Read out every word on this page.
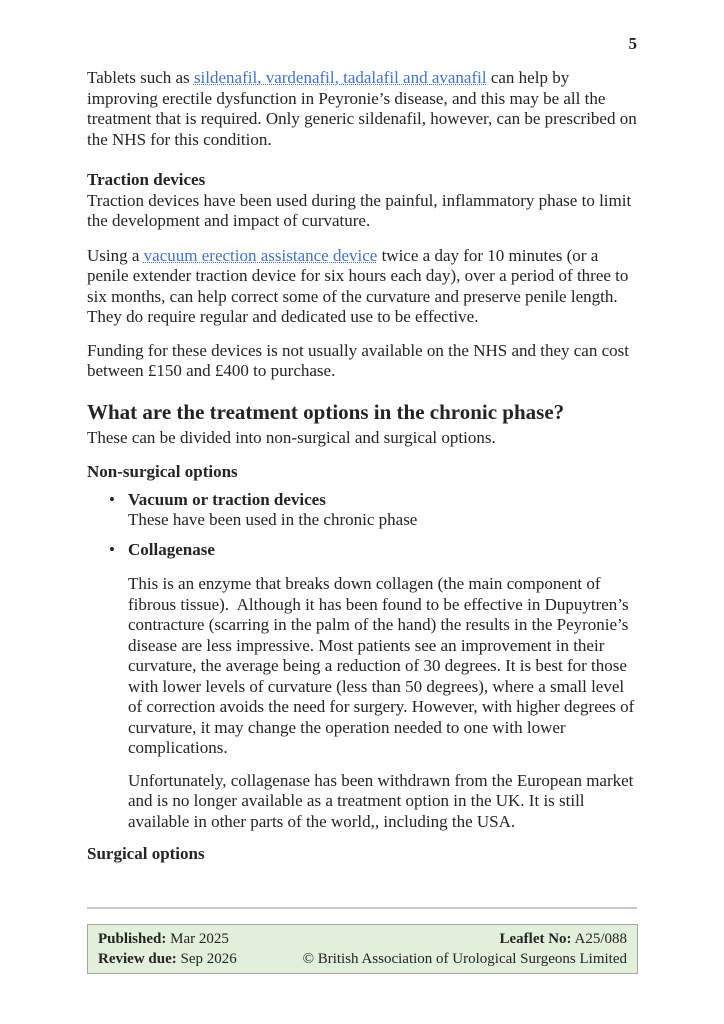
5

Tablets such as sildenafil, vardenafil, tadalafil and avanafil can help by improving erectile dysfunction in Peyronie’s disease, and this may be all the treatment that is required. Only generic sildenafil, however, can be prescribed on the NHS for this condition.

Traction devices

Traction devices have been used during the painful, inflammatory phase to limit the development and impact of curvature.

Using a vacuum erection assistance device twice a day for 10 minutes (or a penile extender traction device for six hours each day), over a period of three to six months, can help correct some of the curvature and preserve penile length. They do require regular and dedicated use to be effective.

Funding for these devices is not usually available on the NHS and they can cost between £150 and £400 to purchase.

What are the treatment options in the chronic phase?

These can be divided into non-surgical and surgical options.

Non-surgical options
•
Vacuum or traction devices
These have been used in the chronic phase
•
Collagenase

This is an enzyme that breaks down collagen (the main component of fibrous tissue).  Although it has been found to be effective in Dupuytren’s contracture (scarring in the palm of the hand) the results in the Peyronie’s disease are less impressive. Most patients see an improvement in their curvature, the average being a reduction of 30 degrees. It is best for those with lower levels of curvature (less than 50 degrees), where a small level of correction avoids the need for surgery. However, with higher degrees of curvature, it may change the operation needed to one with lower complications.

Unfortunately, collagenase has been withdrawn from the European market and is no longer available as a treatment option in the UK. It is still available in other parts of the world,, including the USA.

Surgical options
Published: Mar 2025
Review due: Sep 2026
Leaflet No: A25/088
© British Association of Urological Surgeons Limited
